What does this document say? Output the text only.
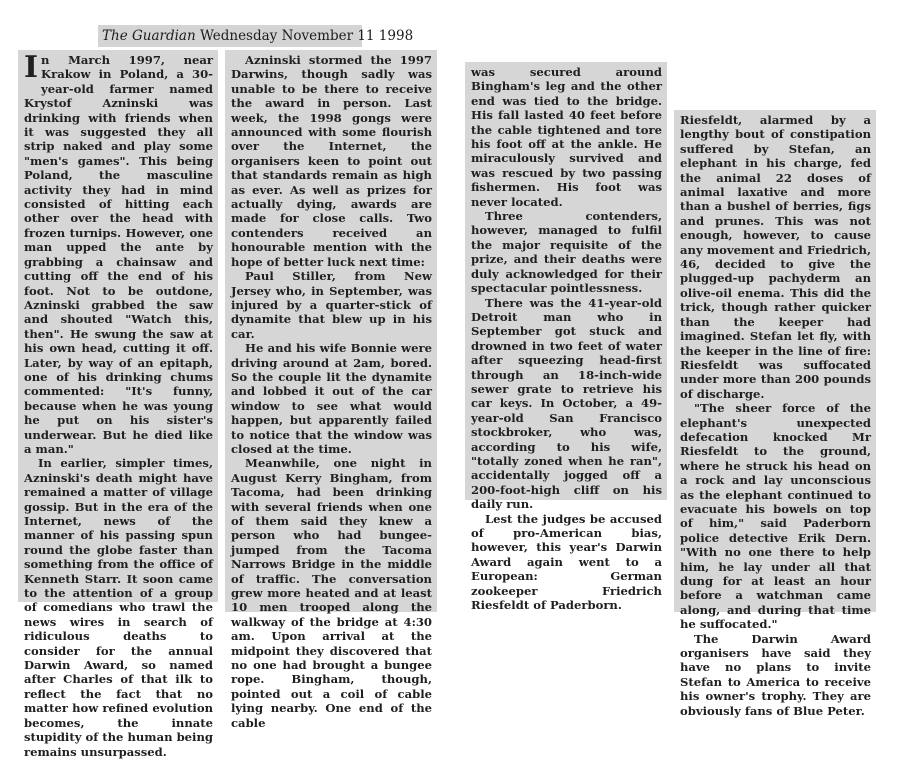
The Guardian Wednesday November 11 1998

In March 1997, near Krakow in Poland, a 30-year-old farmer named Krystof Azninski was drinking with friends when it was suggested they all strip naked and play some "men's games". This being Poland, the masculine activity they had in mind consisted of hitting each other over the head with frozen turnips. However, one man upped the ante by grabbing a chainsaw and cutting off the end of his foot. Not to be outdone, Azninski grabbed the saw and shouted "Watch this, then". He swung the saw at his own head, cutting it off. Later, by way of an epitaph, one of his drinking chums commented: "It's funny, because when he was young he put on his sister's underwear. But he died like a man."

In earlier, simpler times, Azninski's death might have remained a matter of village gossip. But in the era of the Internet, news of the manner of his passing spun round the globe faster than something from the office of Kenneth Starr. It soon came to the attention of a group of comedians who trawl the news wires in search of ridiculous deaths to consider for the annual Darwin Award, so named after Charles of that ilk to reflect the fact that no matter how refined evolution becomes, the innate stupidity of the human being remains unsurpassed.

Azninski stormed the 1997 Darwins, though sadly was unable to be there to receive the award in person. Last week, the 1998 gongs were announced with some flourish over the Internet, the organisers keen to point out that standards remain as high as ever. As well as prizes for actually dying, awards are made for close calls. Two contenders received an honourable mention with the hope of better luck next time:

Paul Stiller, from New Jersey who, in September, was injured by a quarter-stick of dynamite that blew up in his car.

He and his wife Bonnie were driving around at 2am, bored. So the couple lit the dynamite and lobbed it out of the car window to see what would happen, but apparently failed to notice that the window was closed at the time.

Meanwhile, one night in August Kerry Bingham, from Tacoma, had been drinking with several friends when one of them said they knew a person who had bungee-jumped from the Tacoma Narrows Bridge in the middle of traffic. The conversation grew more heated and at least 10 men trooped along the walkway of the bridge at 4:30 am. Upon arrival at the midpoint they discovered that no one had brought a bungee rope. Bingham, though, pointed out a coil of cable lying nearby. One end of the cable

was secured around Bingham's leg and the other end was tied to the bridge. His fall lasted 40 feet before the cable tightened and tore his foot off at the ankle. He miraculously survived and was rescued by two passing fishermen. His foot was never located.

Three contenders, however, managed to fulfil the major requisite of the prize, and their deaths were duly acknowledged for their spectacular pointlessness.

There was the 41-year-old Detroit man who in September got stuck and drowned in two feet of water after squeezing head-first through an 18-inch-wide sewer grate to retrieve his car keys. In October, a 49-year-old San Francisco stockbroker, who was, according to his wife, "totally zoned when he ran", accidentally jogged off a 200-foot-high cliff on his daily run.

Lest the judges be accused of pro-American bias, however, this year's Darwin Award again went to a European: German zookeeper Friedrich Riesfeldt of Paderborn.

Riesfeldt, alarmed by a lengthy bout of constipation suffered by Stefan, an elephant in his charge, fed the animal 22 doses of animal laxative and more than a bushel of berries, figs and prunes. This was not enough, however, to cause any movement and Friedrich, 46, decided to give the plugged-up pachyderm an olive-oil enema. This did the trick, though rather quicker than the keeper had imagined. Stefan let fly, with the keeper in the line of fire: Riesfeldt was suffocated under more than 200 pounds of discharge.

"The sheer force of the elephant's unexpected defecation knocked Mr Riesfeldt to the ground, where he struck his head on a rock and lay unconscious as the elephant continued to evacuate his bowels on top of him," said Paderborn police detective Erik Dern. "With no one there to help him, he lay under all that dung for at least an hour before a watchman came along, and during that time he suffocated."

The Darwin Award organisers have said they have no plans to invite Stefan to America to receive his owner's trophy. They are obviously fans of Blue Peter.
